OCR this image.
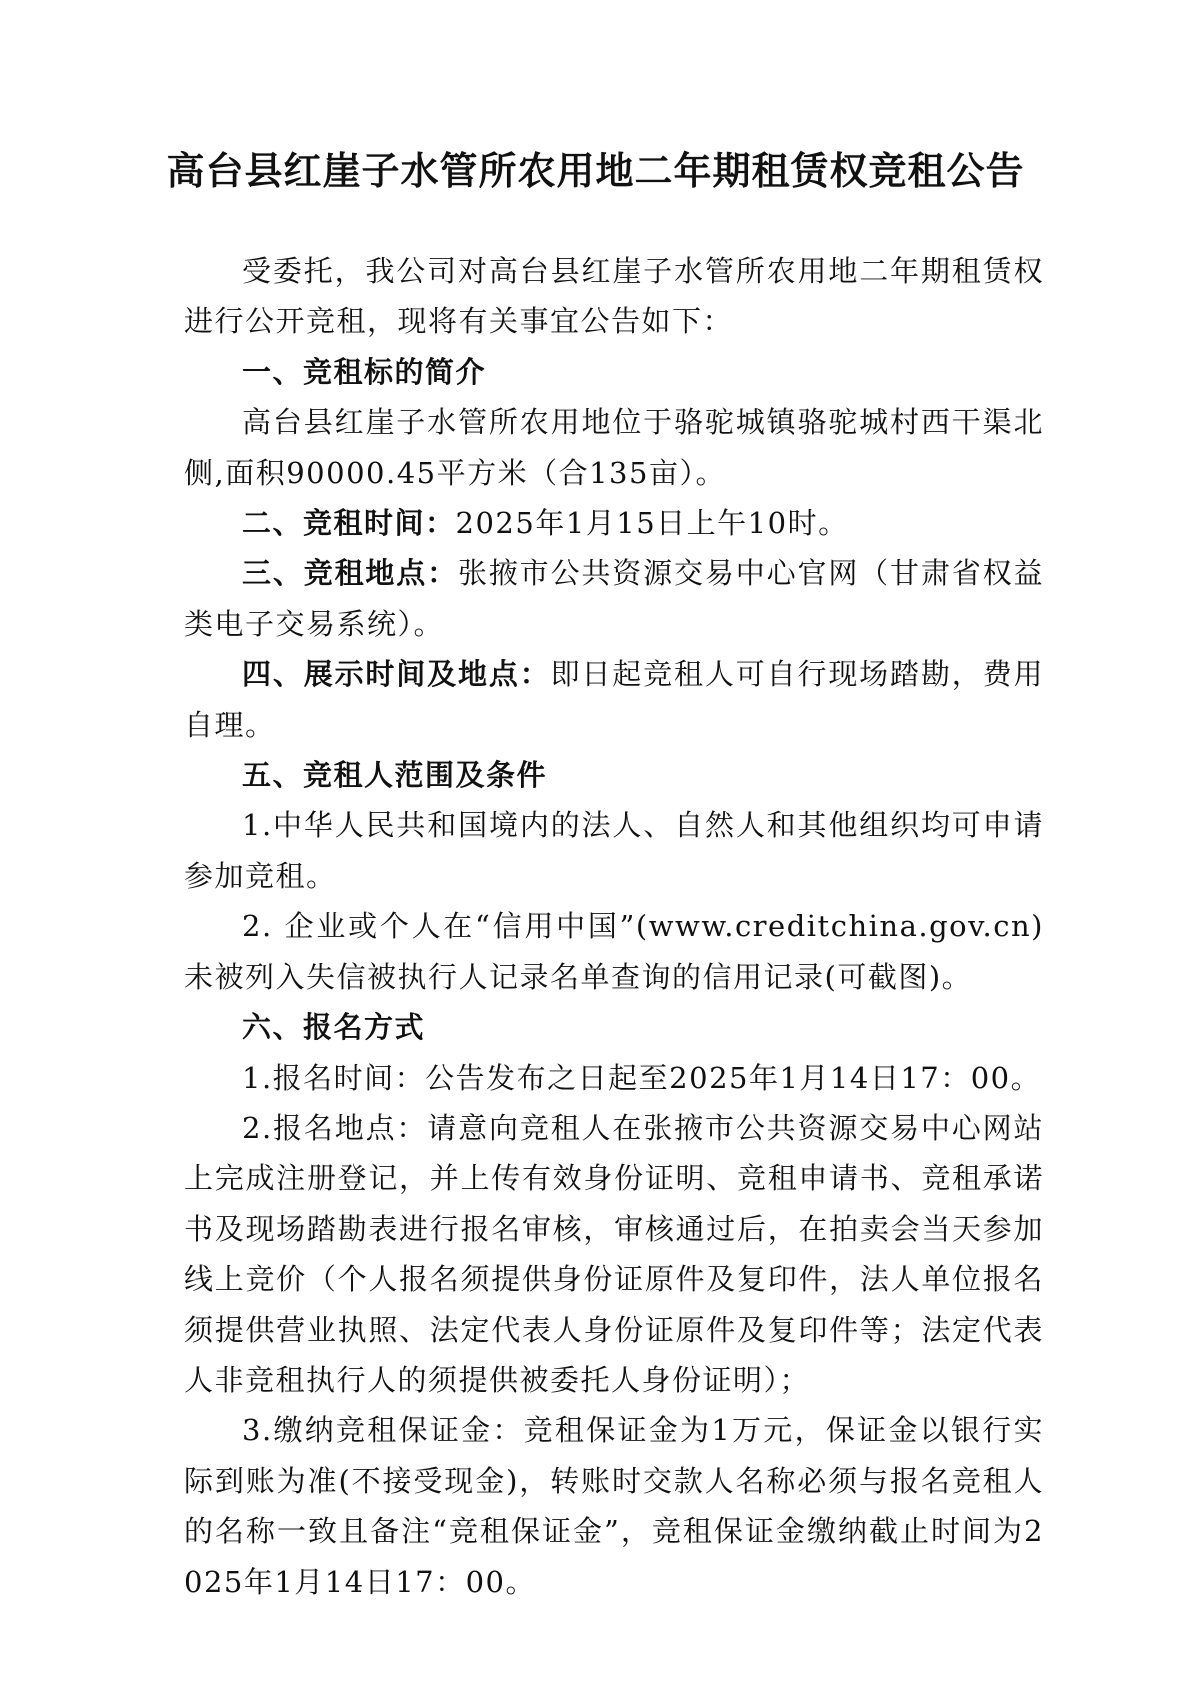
高台县红崖子水管所农用地二年期租赁权竞租公告

受委托，我公司对高台县红崖子水管所农用地二年期租赁权进行公开竞租，现将有关事宜公告如下：

一、竞租标的简介

高台县红崖子水管所农用地位于骆驼城镇骆驼城村西干渠北侧,面积90000.45平方米（合135亩）。

二、竞租时间：2025年1月15日上午10时。

三、竞租地点：张掖市公共资源交易中心官网（甘肃省权益类电子交易系统）。

四、展示时间及地点：即日起竞租人可自行现场踏勘，费用自理。

五、竞租人范围及条件

1.中华人民共和国境内的法人、自然人和其他组织均可申请参加竞租。

2. 企业或个人在“信用中国”(www.creditchina.gov.cn)未被列入失信被执行人记录名单查询的信用记录(可截图)。

六、报名方式

1.报名时间：公告发布之日起至2025年1月14日17：00。

2.报名地点：请意向竞租人在张掖市公共资源交易中心网站上完成注册登记，并上传有效身份证明、竞租申请书、竞租承诺书及现场踏勘表进行报名审核，审核通过后，在拍卖会当天参加线上竞价（个人报名须提供身份证原件及复印件，法人单位报名须提供营业执照、法定代表人身份证原件及复印件等；法定代表人非竞租执行人的须提供被委托人身份证明）；

3.缴纳竞租保证金：竞租保证金为1万元，保证金以银行实际到账为准(不接受现金)，转账时交款人名称必须与报名竞租人的名称一致且备注“竞租保证金”，竞租保证金缴纳截止时间为2025年1月14日17：00。
